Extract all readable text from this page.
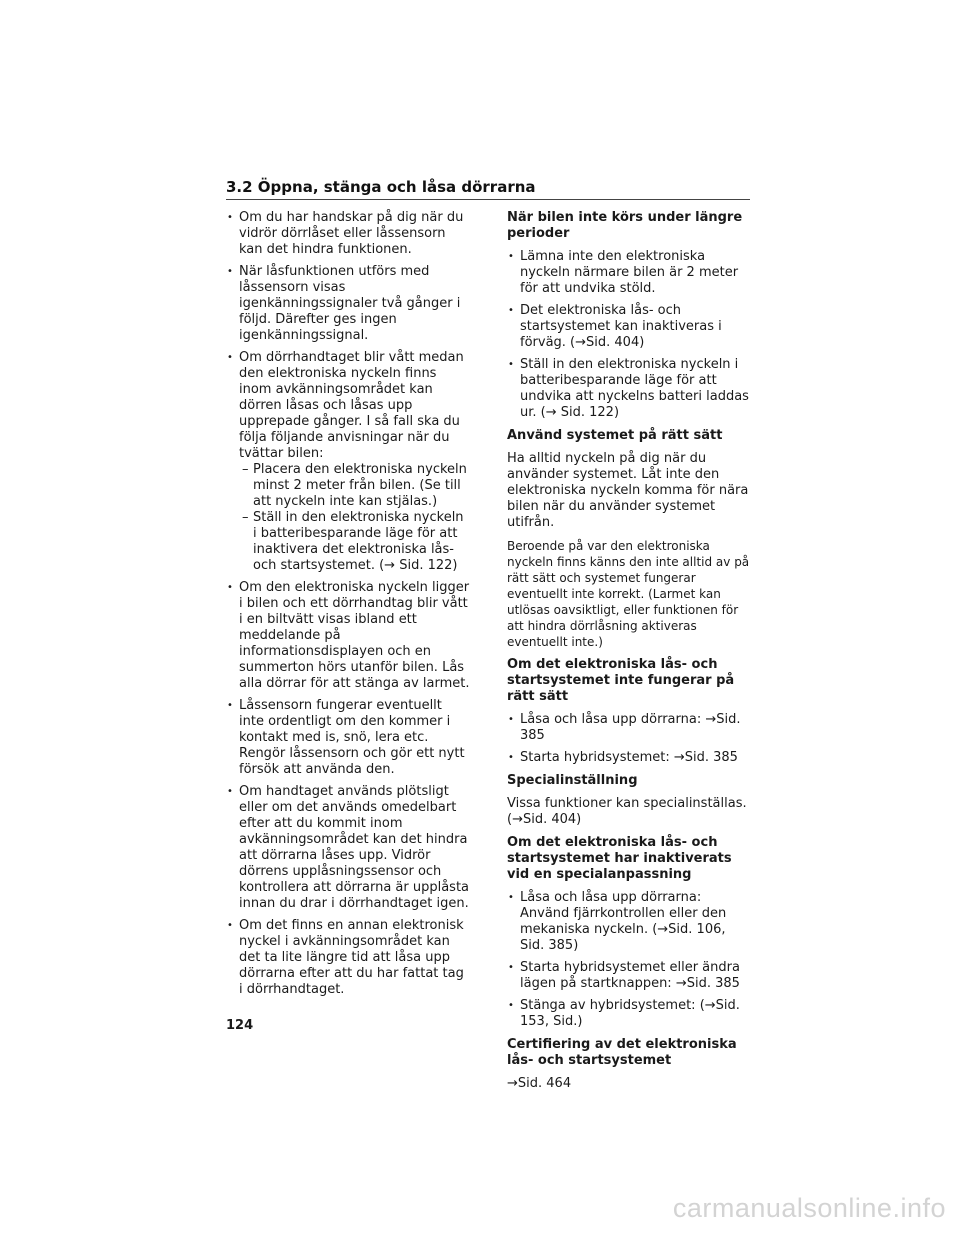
3.2 Öppna, stänga och låsa dörrarna
• Om du har handskar på dig när du vidrör dörrlåset eller låssensorn kan det hindra funktionen.
• När låsfunktionen utförs med låssensorn visas igenkänningssignaler två gånger i följd. Därefter ges ingen igenkänningssignal.
• Om dörrhandtaget blir vått medan den elektroniska nyckeln finns inom avkänningsområdet kan dörren låsas och låsas upp upprepade gånger. I så fall ska du följa följande anvisningar när du tvättar bilen:
– Placera den elektroniska nyckeln minst 2 meter från bilen. (Se till att nyckeln inte kan stjälas.)
– Ställ in den elektroniska nyckeln i batteribesparande läge för att inaktivera det elektroniska lås- och startsystemet. (→ Sid. 122)
• Om den elektroniska nyckeln ligger i bilen och ett dörrhandtag blir vått i en biltvätt visas ibland ett meddelande på informationsdisplayen och en summerton hörs utanför bilen. Lås alla dörrar för att stänga av larmet.
• Låssensorn fungerar eventuellt inte ordentligt om den kommer i kontakt med is, snö, lera etc. Rengör låssensorn och gör ett nytt försök att använda den.
• Om handtaget används plötsligt eller om det används omedelbart efter att du kommit inom avkänningsområdet kan det hindra att dörrarna låses upp. Vidrör dörrens upplåsningssensor och kontrollera att dörrarna är upplåsta innan du drar i dörrhandtaget igen.
• Om det finns en annan elektronisk nyckel i avkänningsområdet kan det ta lite längre tid att låsa upp dörrarna efter att du har fattat tag i dörrhandtaget.
När bilen inte körs under längre perioder
• Lämna inte den elektroniska nyckeln närmare bilen är 2 meter för att undvika stöld.
• Det elektroniska lås- och startsystemet kan inaktiveras i förväg. (→Sid. 404)
• Ställ in den elektroniska nyckeln i batteribesparande läge för att undvika att nyckelns batteri laddas ur. (→ Sid. 122)
Använd systemet på rätt sätt

Ha alltid nyckeln på dig när du använder systemet. Låt inte den elektroniska nyckeln komma för nära bilen när du använder systemet utifrån.

Beroende på var den elektroniska nyckeln finns känns den inte alltid av på rätt sätt och systemet fungerar eventuellt inte korrekt. (Larmet kan utlösas oavsiktligt, eller funktionen för att hindra dörrlåsning aktiveras eventuellt inte.)

Om det elektroniska lås- och startsystemet inte fungerar på rätt sätt
• Låsa och låsa upp dörrarna: →Sid. 385
• Starta hybridsystemet: →Sid. 385
Specialinställning

Vissa funktioner kan specialinställas. (→Sid. 404)

Om det elektroniska lås- och startsystemet har inaktiverats vid en specialanpassning
• Låsa och låsa upp dörrarna: Använd fjärrkontrollen eller den mekaniska nyckeln. (→Sid. 106, Sid. 385)
• Starta hybridsystemet eller ändra lägen på startknappen: →Sid. 385
• Stänga av hybridsystemet: (→Sid. 153, Sid.)
Certifiering av det elektroniska lås- och startsystemet

→Sid. 464

124
carmanualsonline.info
